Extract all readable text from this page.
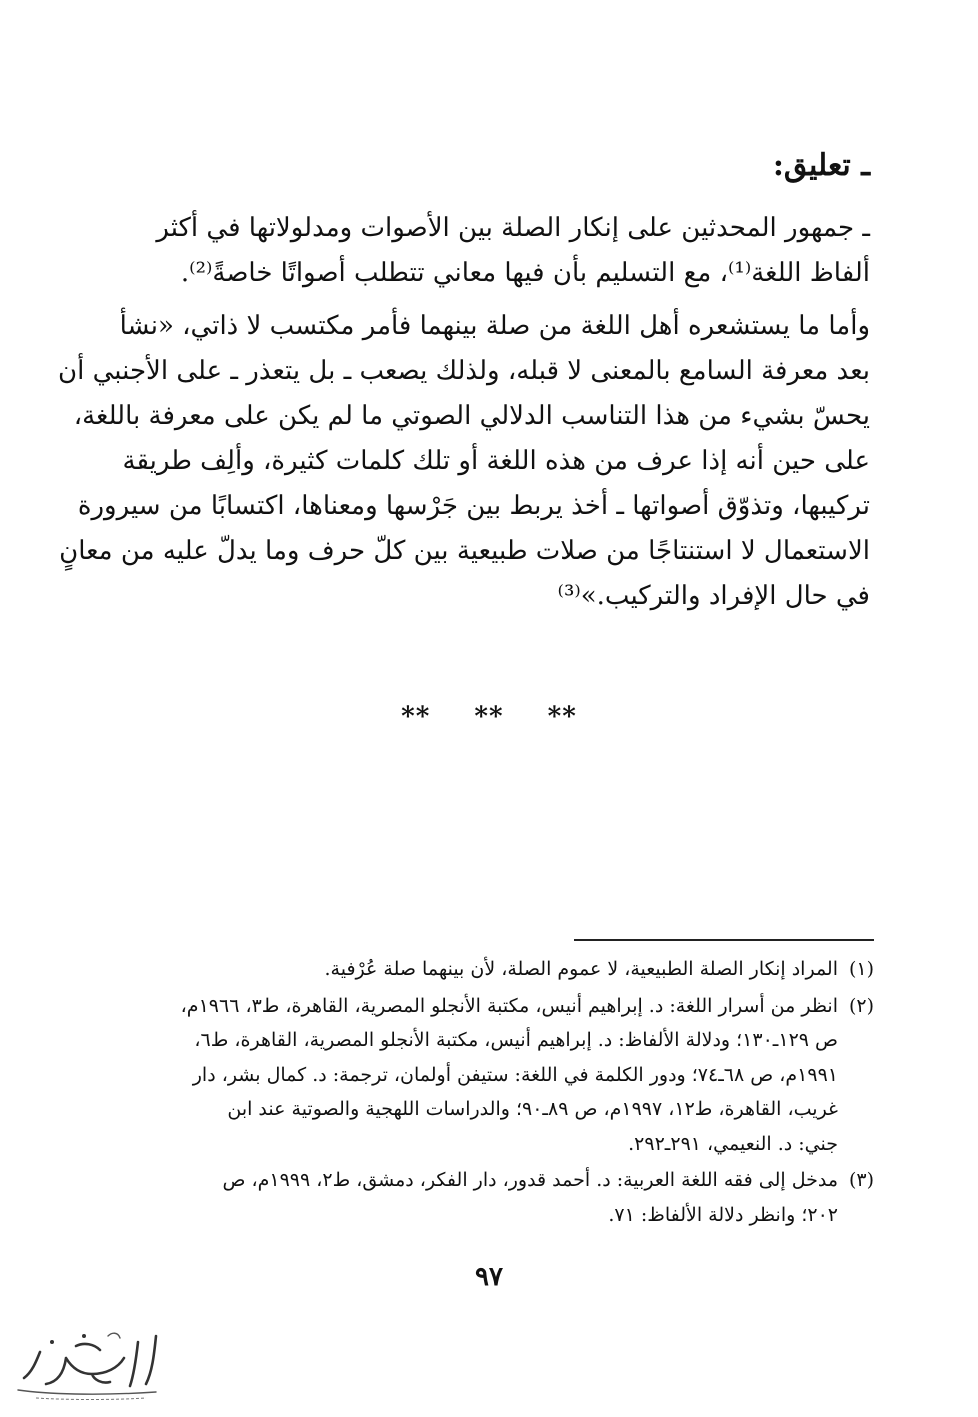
ـ تعليق:

ـ جمهور المحدثين على إنكار الصلة بين الأصوات ومدلولاتها في أكثر
ألفاظ اللغة⁽¹⁾، مع التسليم بأن فيها معاني تتطلب أصواتًا خاصةً⁽²⁾.

وأما ما يستشعره أهل اللغة من صلة بينهما فأمر مكتسب لا ذاتي، «نشأ
بعد معرفة السامع بالمعنى لا قبله، ولذلك يصعب ـ بل يتعذر ـ على الأجنبي أن
يحسّ بشيء من هذا التناسب الدلالي الصوتي ما لم يكن على معرفة باللغة،
على حين أنه إذا عرف من هذه اللغة أو تلك كلمات كثيرة، وألِف طريقة
تركيبها، وتذوّق أصواتها ـ أخذ يربط بين جَرْسها ومعناها، اكتسابًا من سيرورة
الاستعمال لا استنتاجًا من صلات طبيعية بين كلّ حرف وما يدلّ عليه من معانٍ
في حال الإفراد والتركيب.»⁽³⁾

** ** **
(١)
المراد إنكار الصلة الطبيعية، لا عموم الصلة، لأن بينهما صلة عُرْفية.
(٢)
انظر من أسرار اللغة: د. إبراهيم أنيس، مكتبة الأنجلو المصرية، القاهرة، ط٣، ١٩٦٦م،
ص ١٢٩ـ١٣٠؛ ودلالة الألفاظ: د. إبراهيم أنيس، مكتبة الأنجلو المصرية، القاهرة، ط٦،
١٩٩١م، ص ٦٨ـ٧٤؛ ودور الكلمة في اللغة: ستيفن أولمان، ترجمة: د. كمال بشر، دار
غريب، القاهرة، ط١٢، ١٩٩٧م، ص ٨٩ـ٩٠؛ والدراسات اللهجية والصوتية عند ابن
جني: د. النعيمي، ٢٩١ـ٢٩٢.
(٣)
مدخل إلى فقه اللغة العربية: د. أحمد قدور، دار الفكر، دمشق، ط٢، ١٩٩٩م، ص
٢٠٢؛ وانظر دلالة الألفاظ: ٧١.
٩٧
